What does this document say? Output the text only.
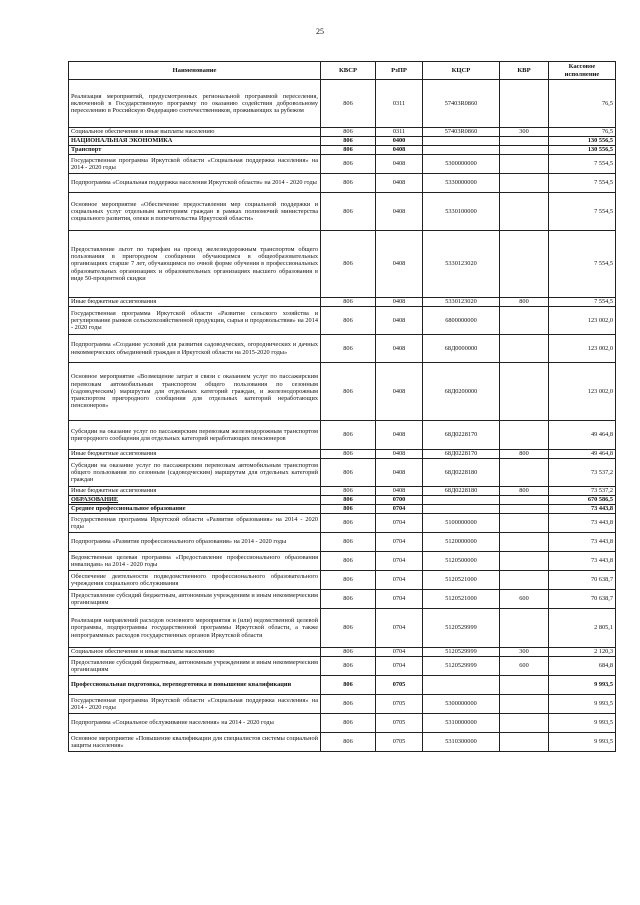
25
Наименование	КВСР	РзПР	КЦСР	КВР	Кассовое исполнение
Реализация мероприятий, предусмотренных региональной программой переселения, включенной в Государственную программу по оказанию содействия добровольному переселению в Российскую Федерацию соотечественников, проживающих за рубежом	806	0311	57403R0860		76,5
Социальное обеспечение и иные выплаты населению	806	0311	57403R0860	300	76,5
НАЦИОНАЛЬНАЯ ЭКОНОМИКА	806	0400			130 556,5
Транспорт	806	0408			130 556,5
Государственная программа Иркутской области «Социальная поддержка населения» на 2014 - 2020 годы	806	0408	5300000000		7 554,5
Подпрограмма «Социальная поддержка населения Иркутской области» на 2014 - 2020 годы	806	0408	5330000000		7 554,5
Основное мероприятие «Обеспечение предоставления мер социальной поддержки и социальных услуг отдельным категориям граждан в рамках полномочий министерства социального развития, опеки и попечительства Иркутской области»	806	0408	5330100000		7 554,5
Предоставление льгот по тарифам на проезд железнодорожным транспортом общего пользования в пригородном сообщении обучающимся в общеобразовательных организациях старше 7 лет, обучающимся по очной форме обучения в профессиональных образовательных организациях и образовательных организациях высшего образования в виде 50-процентной скидки	806	0408	5330123020		7 554,5
Иные бюджетные ассигнования	806	0408	5330123020	800	7 554,5
Государственная программа Иркутской области «Развитие сельского хозяйства и регулирование рынков сельскохозяйственной продукции, сырья и продовольствия» на 2014 - 2020 годы	806	0408	6800000000		123 002,0
Подпрограмма «Создание условий для развития садоводческих, огороднических и дачных некоммерческих объединений граждан в Иркутской области на 2015-2020 годы»	806	0408	68Д0000000		123 002,0
Основное мероприятие «Возмещение затрат в связи с оказанием услуг по пассажирским перевозкам автомобильным транспортом общего пользования по сезонным (садоводческим) маршрутам для отдельных категорий граждан, и железнодорожным транспортом пригородного сообщения для отдельных категорий неработающих пенсионеров»	806	0408	68Д0200000		123 002,0
Субсидии на оказание услуг по пассажирским перевозкам железнодорожным транспортом пригородного сообщения для отдельных категорий неработающих пенсионеров	806	0408	68Д0228170		49 464,8
Иные бюджетные ассигнования	806	0408	68Д0228170	800	49 464,8
Субсидии на оказание услуг по пассажирским перевозкам автомобильным транспортом общего пользования по сезонным (садоводческим) маршрутам для отдельных категорий граждан	806	0408	68Д0228180		73 537,2
Иные бюджетные ассигнования	806	0408	68Д0228180	800	73 537,2
ОБРАЗОВАНИЕ	806	0700			670 586,5
Среднее профессиональное образование	806	0704			73 443,8
Государственная программа Иркутской области «Развитие образования» на 2014 - 2020 годы	806	0704	5100000000		73 443,8
Подпрограмма «Развитие профессионального образования» на 2014 - 2020 годы	806	0704	5120000000		73 443,8
Ведомственная целевая программа «Предоставление профессионального образования инвалидам» на 2014 - 2020 годы	806	0704	5120500000		73 443,8
Обеспечение деятельности подведомственного профессионального образовательного учреждения социального обслуживания	806	0704	5120521000		70 638,7
Предоставление субсидий бюджетным, автономным учреждениям и иным некоммерческим организациям	806	0704	5120521000	600	70 638,7
Реализация направлений расходов основного мероприятия и (или) ведомственной целевой программы, подпрограммы государственной программы Иркутской области, а также непрограммных расходов государственных органов Иркутской области	806	0704	5120529999		2 805,1
Социальное обеспечение и иные выплаты населению	806	0704	5120529999	300	2 120,3
Предоставление субсидий бюджетным, автономным учреждениям и иным некоммерческим организациям	806	0704	5120529999	600	684,8
Профессиональная подготовка, переподготовка и повышение квалификации	806	0705			9 993,5
Государственная программа Иркутской области «Социальная поддержка населения» на 2014 - 2020 годы	806	0705	5300000000		9 993,5
Подпрограмма «Социальное обслуживание населения» на 2014 - 2020 годы	806	0705	5310000000		9 993,5
Основное мероприятие «Повышение квалификации для специалистов системы социальной защиты населения»	806	0705	5310300000		9 993,5
